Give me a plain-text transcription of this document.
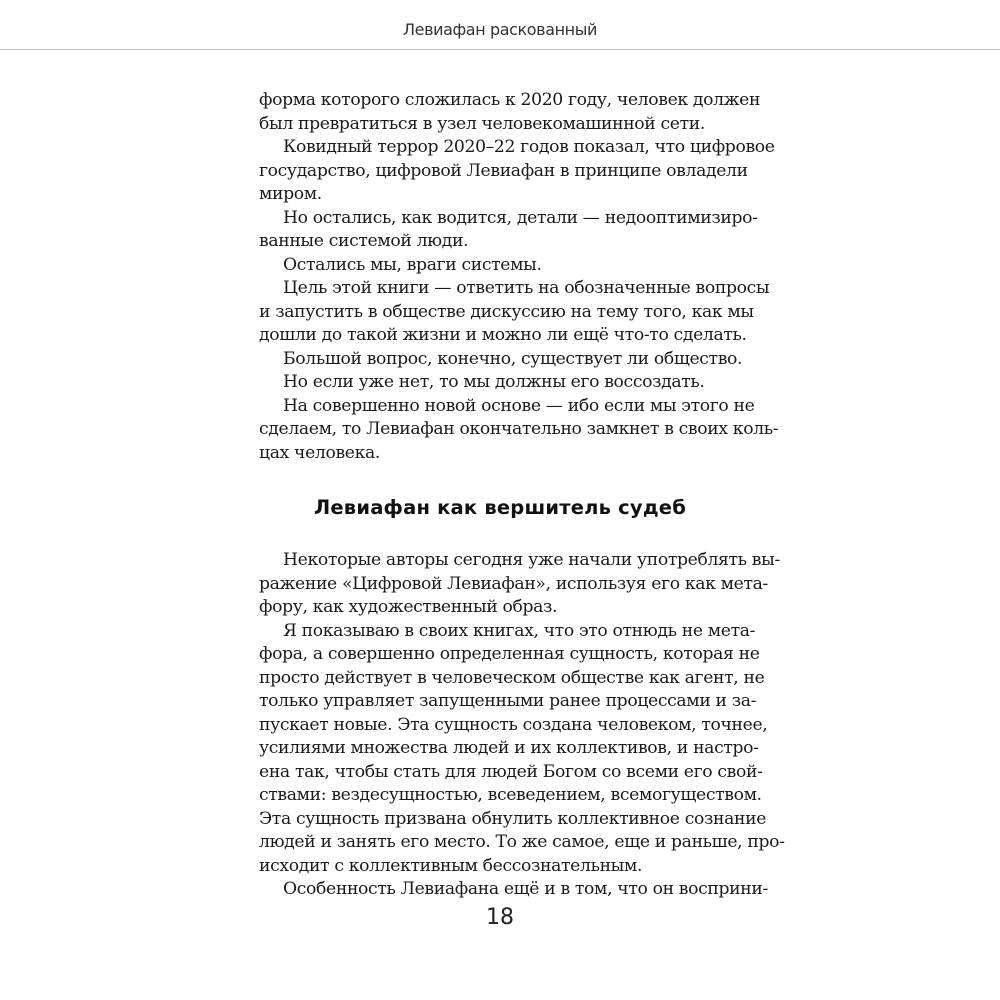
Левиафан раскованный
форма которого сложилась к 2020 году, человек должен
был превратиться в узел человекомашинной сети.
Ковидный террор 2020–22 годов показал, что цифровое
государство, цифровой Левиафан в принципе овладели
миром.
Но остались, как водится, детали — недооптимизиро-
ванные системой люди.
Остались мы, враги системы.
Цель этой книги — ответить на обозначенные вопросы
и запустить в обществе дискуссию на тему того, как мы
дошли до такой жизни и можно ли ещё что-то сделать.
Большой вопрос, конечно, существует ли общество.
Но если уже нет, то мы должны его воссоздать.
На совершенно новой основе — ибо если мы этого не
сделаем, то Левиафан окончательно замкнет в своих коль-
цах человека.
Левиафан как вершитель судеб
Некоторые авторы сегодня уже начали употреблять вы-
ражение «Цифровой Левиафан», используя его как мета-
фору, как художественный образ.
Я показываю в своих книгах, что это отнюдь не мета-
фора, а совершенно определенная сущность, которая не
просто действует в человеческом обществе как агент, не
только управляет запущенными ранее процессами и за-
пускает новые. Эта сущность создана человеком, точнее,
усилиями множества людей и их коллективов, и настро-
ена так, чтобы стать для людей Богом со всеми его свой-
ствами: вездесущностью, всеведением, всемогуществом.
Эта сущность призвана обнулить коллективное сознание
людей и занять его место. То же самое, еще и раньше, про-
исходит с коллективным бессознательным.
Особенность Левиафана ещё и в том, что он восприни-
18
